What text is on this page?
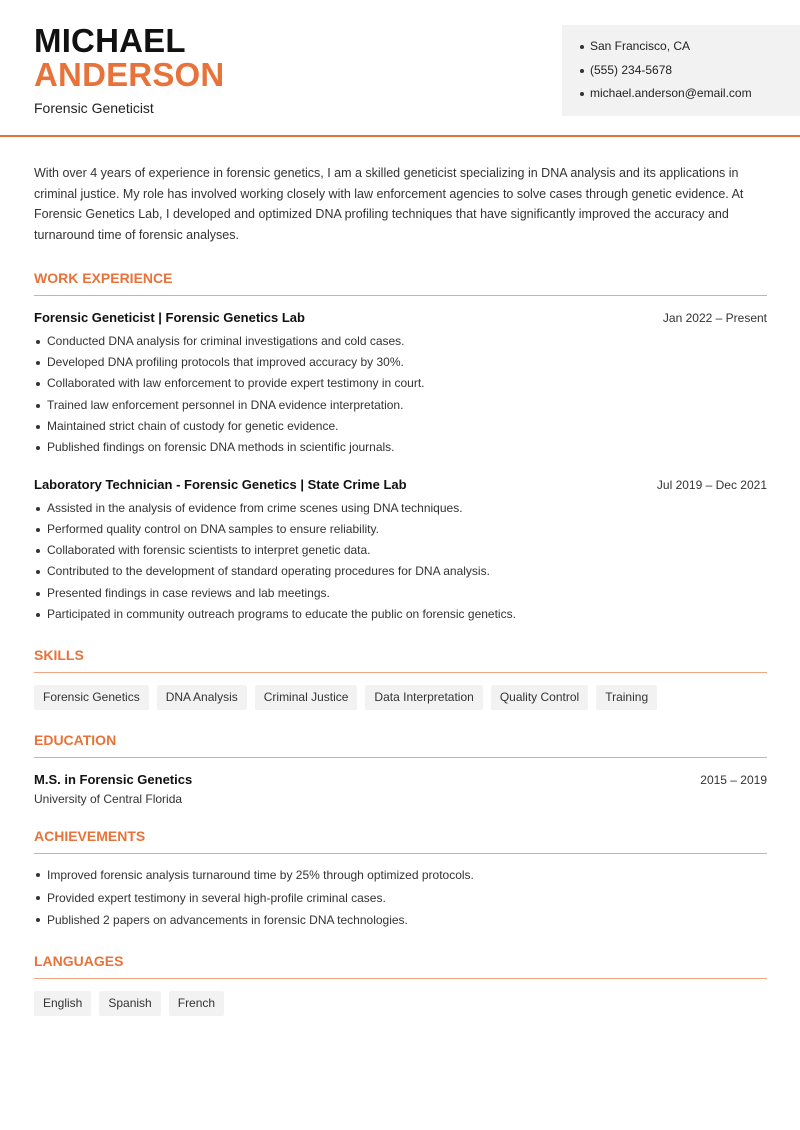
MICHAEL
ANDERSON
Forensic Geneticist
San Francisco, CA
(555) 234-5678
michael.anderson@email.com

With over 4 years of experience in forensic genetics, I am a skilled geneticist specializing in DNA analysis and its applications in criminal justice. My role has involved working closely with law enforcement agencies to solve cases through genetic evidence. At Forensic Genetics Lab, I developed and optimized DNA profiling techniques that have significantly improved the accuracy and turnaround time of forensic analyses.

WORK EXPERIENCE
Forensic Geneticist | Forensic Genetics Lab	Jan 2022 – Present
Conducted DNA analysis for criminal investigations and cold cases.
Developed DNA profiling protocols that improved accuracy by 30%.
Collaborated with law enforcement to provide expert testimony in court.
Trained law enforcement personnel in DNA evidence interpretation.
Maintained strict chain of custody for genetic evidence.
Published findings on forensic DNA methods in scientific journals.
Laboratory Technician - Forensic Genetics | State Crime Lab	Jul 2019 – Dec 2021
Assisted in the analysis of evidence from crime scenes using DNA techniques.
Performed quality control on DNA samples to ensure reliability.
Collaborated with forensic scientists to interpret genetic data.
Contributed to the development of standard operating procedures for DNA analysis.
Presented findings in case reviews and lab meetings.
Participated in community outreach programs to educate the public on forensic genetics.
SKILLS
Forensic Genetics	DNA Analysis	Criminal Justice	Data Interpretation	Quality Control	Training
EDUCATION
M.S. in Forensic Genetics	2015 – 2019
University of Central Florida
ACHIEVEMENTS
Improved forensic analysis turnaround time by 25% through optimized protocols.
Provided expert testimony in several high-profile criminal cases.
Published 2 papers on advancements in forensic DNA technologies.
LANGUAGES
English	Spanish	French
